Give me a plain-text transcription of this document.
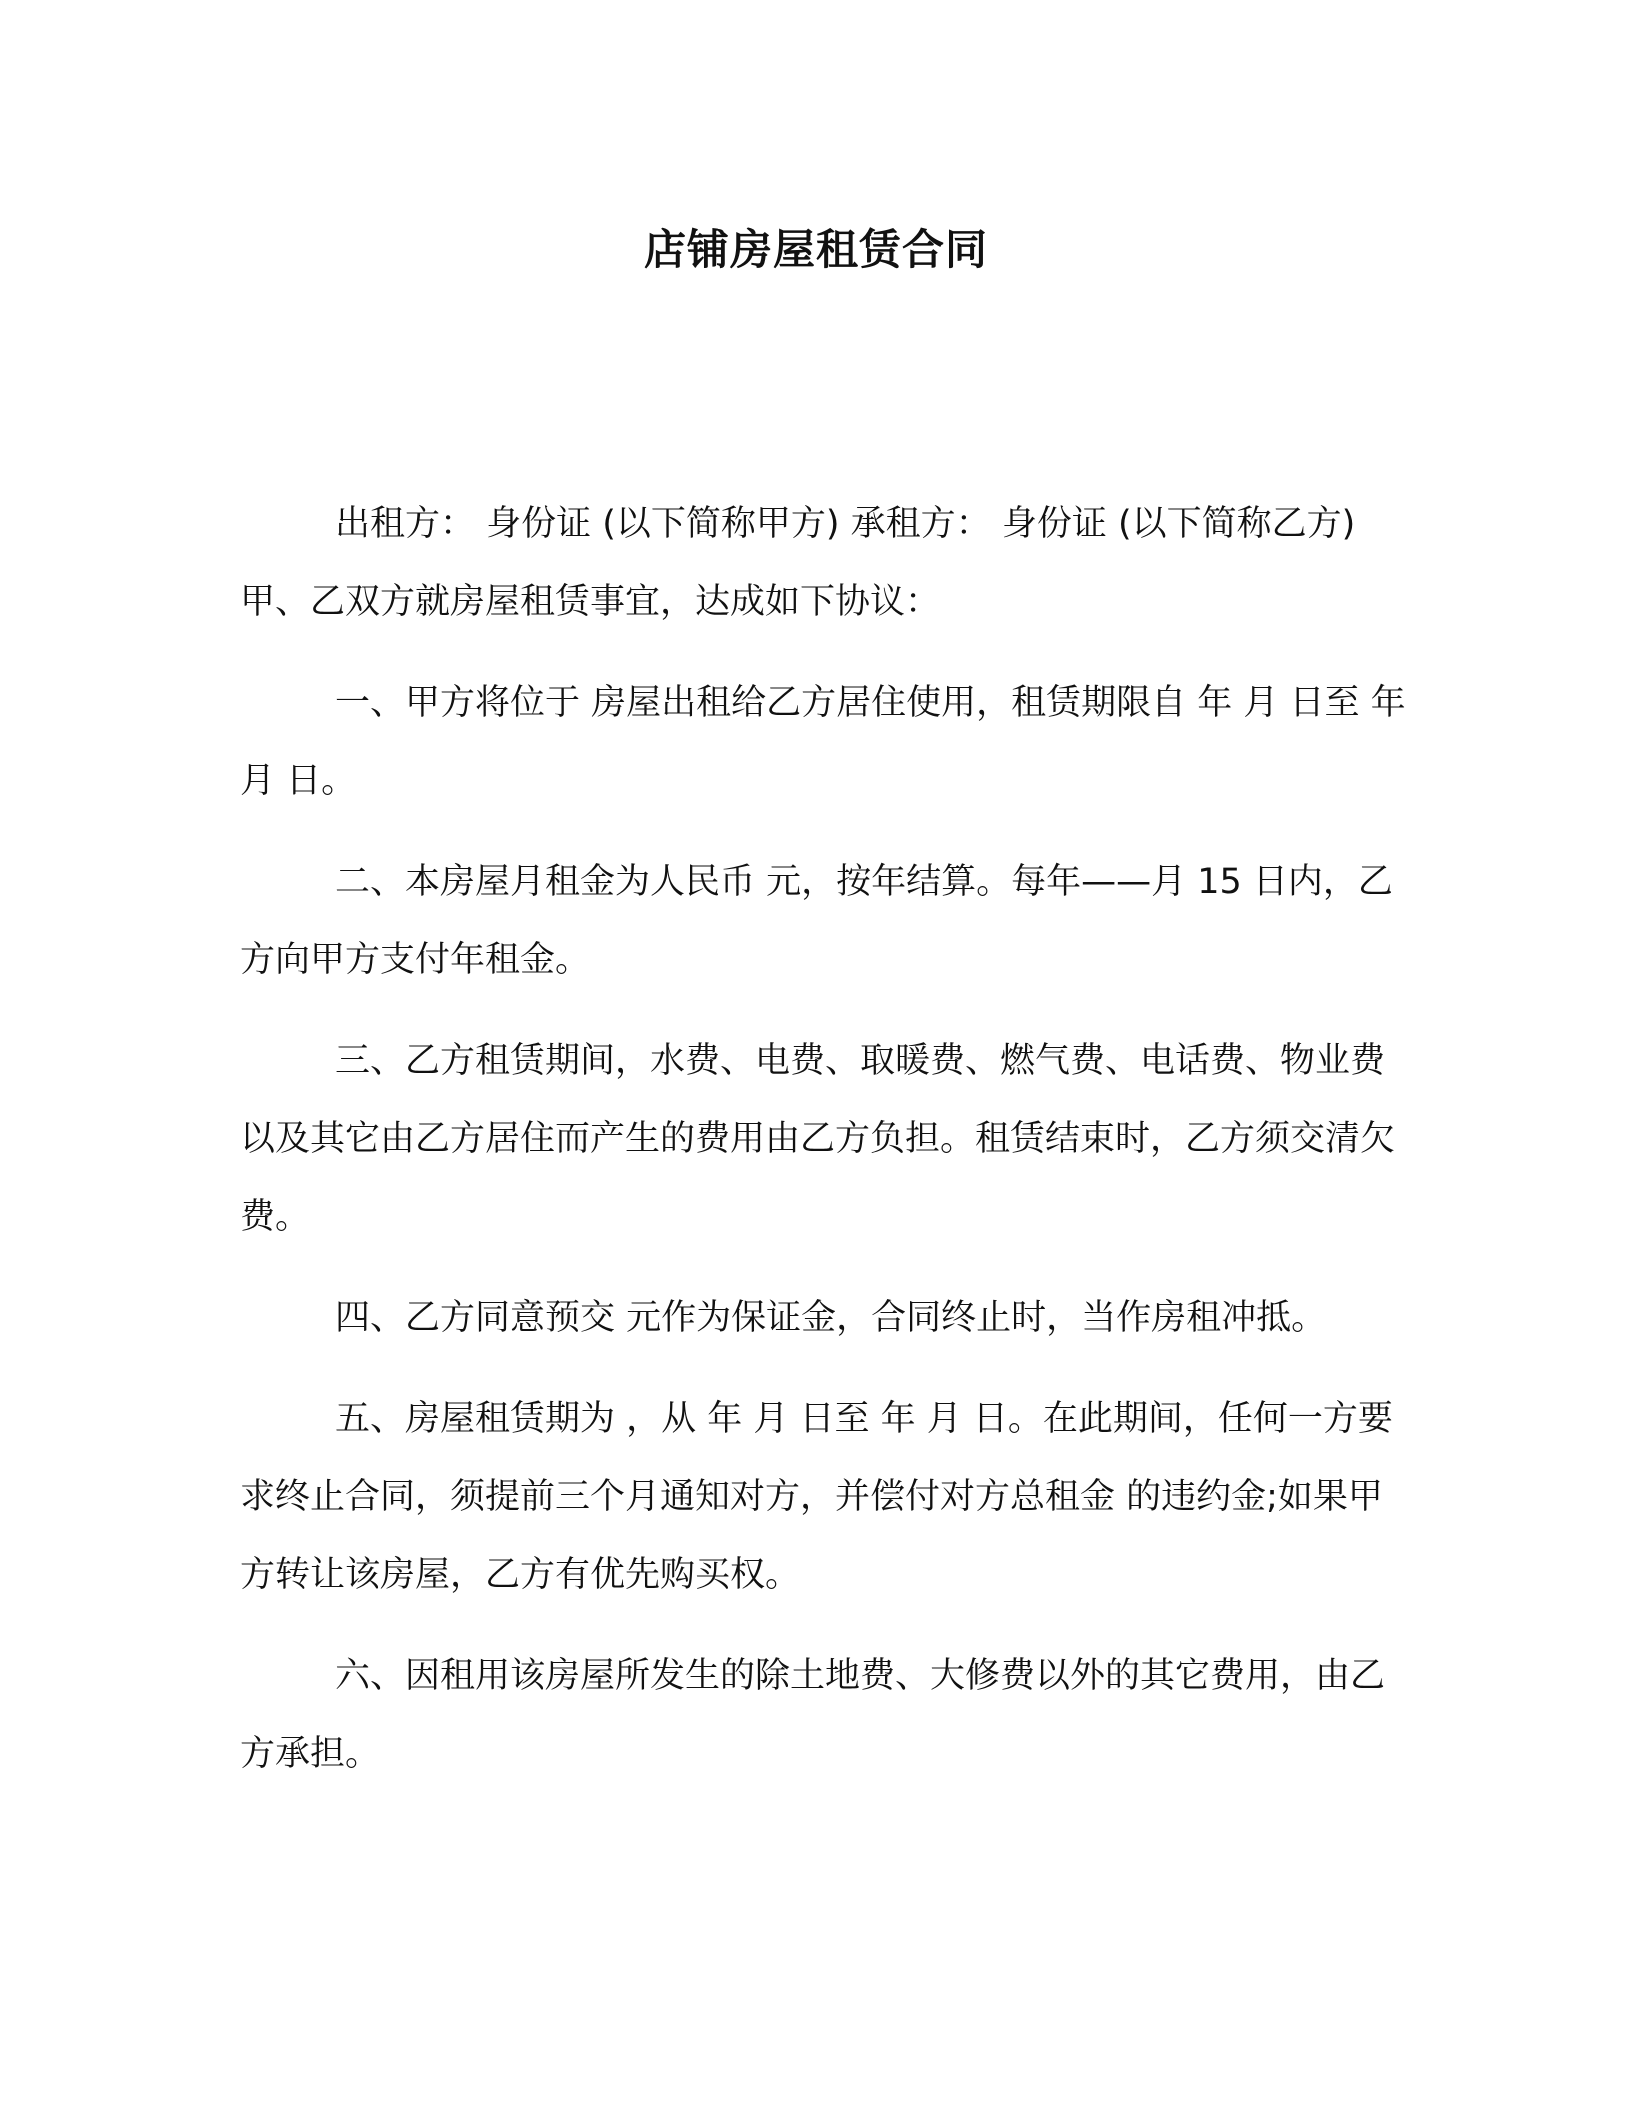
店铺房屋租赁合同

出租方： 身份证 (以下简称甲方) 承租方： 身份证 (以下简称乙方) 甲、乙双方就房屋租赁事宜，达成如下协议：

一、甲方将位于 房屋出租给乙方居住使用，租赁期限自 年 月 日至 年 月 日。

二、本房屋月租金为人民币 元，按年结算。每年——月 15 日内，乙方向甲方支付年租金。

三、乙方租赁期间，水费、电费、取暖费、燃气费、电话费、物业费以及其它由乙方居住而产生的费用由乙方负担。租赁结束时，乙方须交清欠费。

四、乙方同意预交 元作为保证金，合同终止时，当作房租冲抵。

五、房屋租赁期为 ，从 年 月 日至 年 月 日。在此期间，任何一方要求终止合同，须提前三个月通知对方，并偿付对方总租金 的违约金;如果甲方转让该房屋，乙方有优先购买权。

六、因租用该房屋所发生的除土地费、大修费以外的其它费用，由乙方承担。
